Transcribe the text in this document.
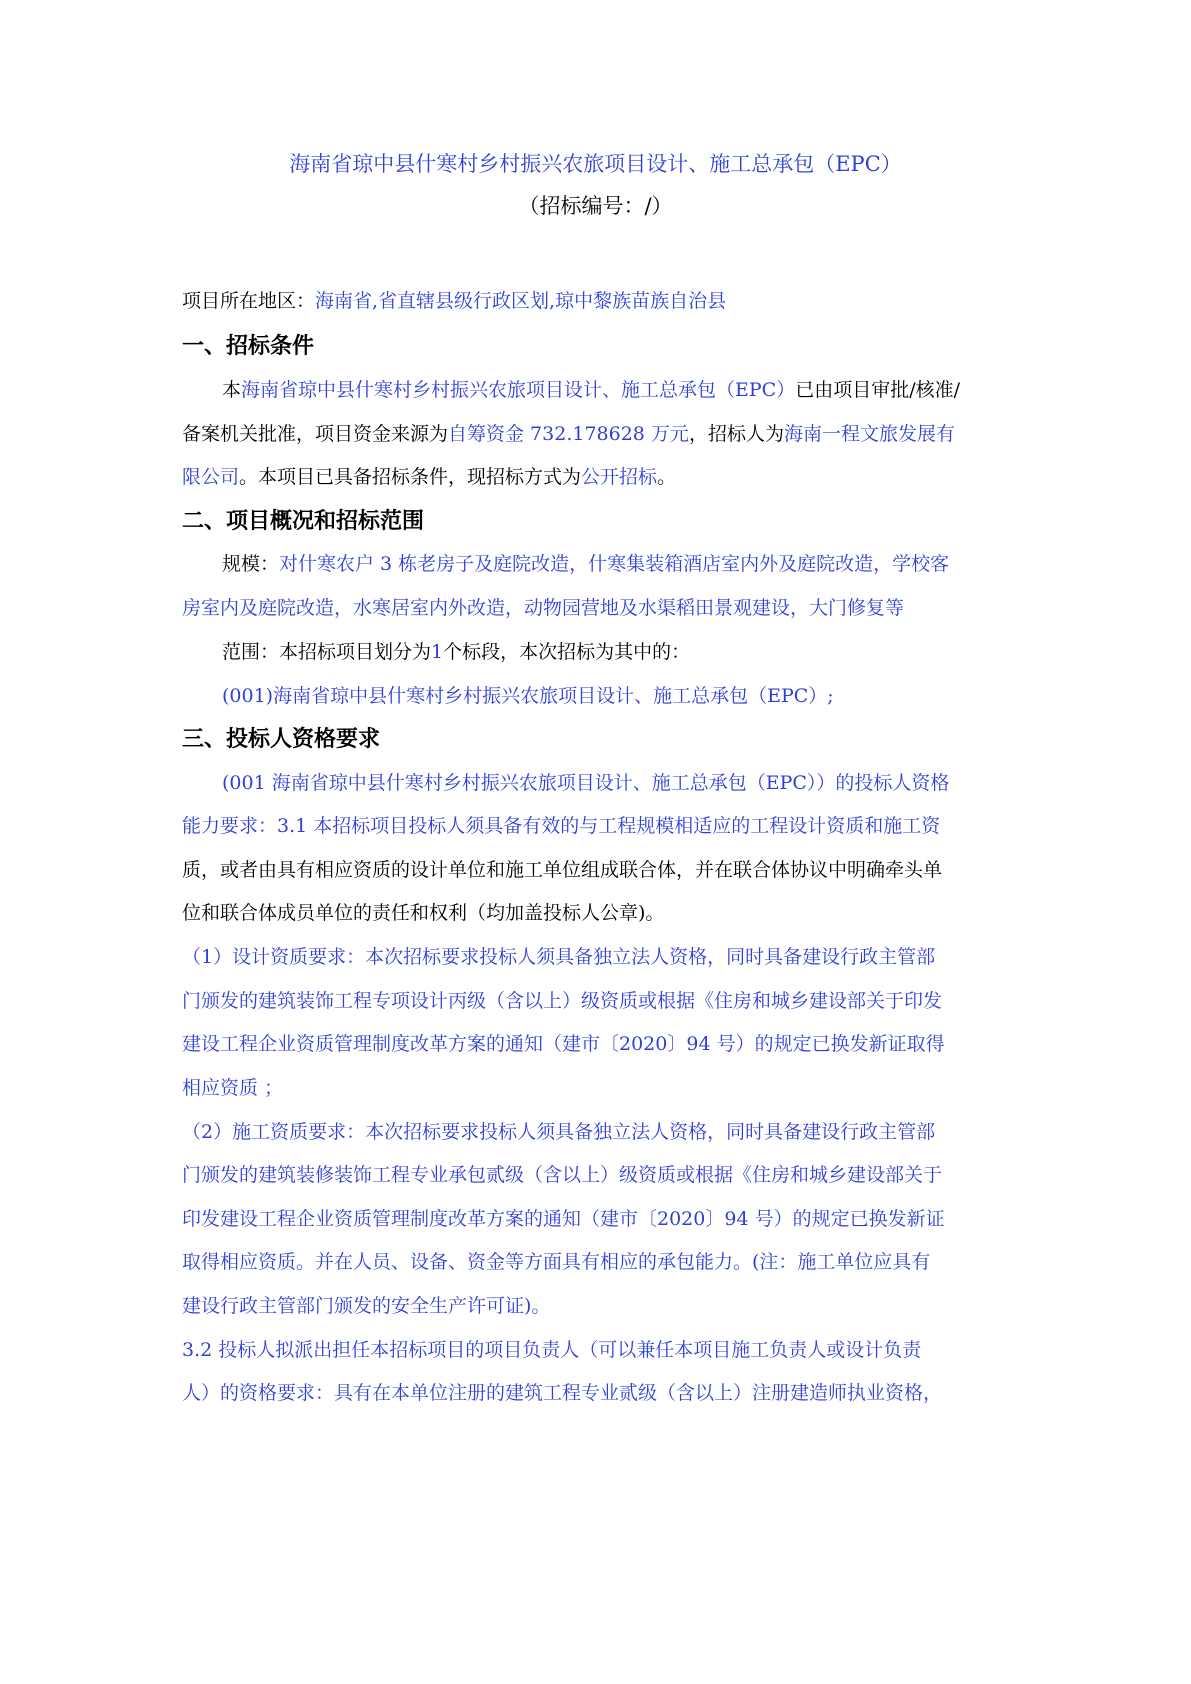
海南省琼中县什寒村乡村振兴农旅项目设计、施工总承包（EPC）
（招标编号：/）
项目所在地区：海南省,省直辖县级行政区划,琼中黎族苗族自治县
一、招标条件
本海南省琼中县什寒村乡村振兴农旅项目设计、施工总承包（EPC）已由项目审批/核准/
备案机关批准，项目资金来源为自筹资金 732.178628 万元，招标人为海南一程文旅发展有
限公司。本项目已具备招标条件，现招标方式为公开招标。
二、项目概况和招标范围
规模：对什寒农户 3 栋老房子及庭院改造，什寒集装箱酒店室内外及庭院改造，学校客
房室内及庭院改造，水寒居室内外改造，动物园营地及水渠稻田景观建设，大门修复等
范围：本招标项目划分为1个标段，本次招标为其中的：
(001)海南省琼中县什寒村乡村振兴农旅项目设计、施工总承包（EPC）;
三、投标人资格要求
(001 海南省琼中县什寒村乡村振兴农旅项目设计、施工总承包（EPC））的投标人资格
能力要求：3.1 本招标项目投标人须具备有效的与工程规模相适应的工程设计资质和施工资
质，或者由具有相应资质的设计单位和施工单位组成联合体，并在联合体协议中明确牵头单
位和联合体成员单位的责任和权利（均加盖投标人公章)。
（1）设计资质要求：本次招标要求投标人须具备独立法人资格，同时具备建设行政主管部
门颁发的建筑装饰工程专项设计丙级（含以上）级资质或根据《住房和城乡建设部关于印发
建设工程企业资质管理制度改革方案的通知（建市〔2020〕94 号）的规定已换发新证取得
相应资质 ；
（2）施工资质要求：本次招标要求投标人须具备独立法人资格，同时具备建设行政主管部
门颁发的建筑装修装饰工程专业承包贰级（含以上）级资质或根据《住房和城乡建设部关于
印发建设工程企业资质管理制度改革方案的通知（建市〔2020〕94 号）的规定已换发新证
取得相应资质。并在人员、设备、资金等方面具有相应的承包能力。(注：施工单位应具有
建设行政主管部门颁发的安全生产许可证)。
3.2 投标人拟派出担任本招标项目的项目负责人（可以兼任本项目施工负责人或设计负责
人）的资格要求：具有在本单位注册的建筑工程专业贰级（含以上）注册建造师执业资格，
